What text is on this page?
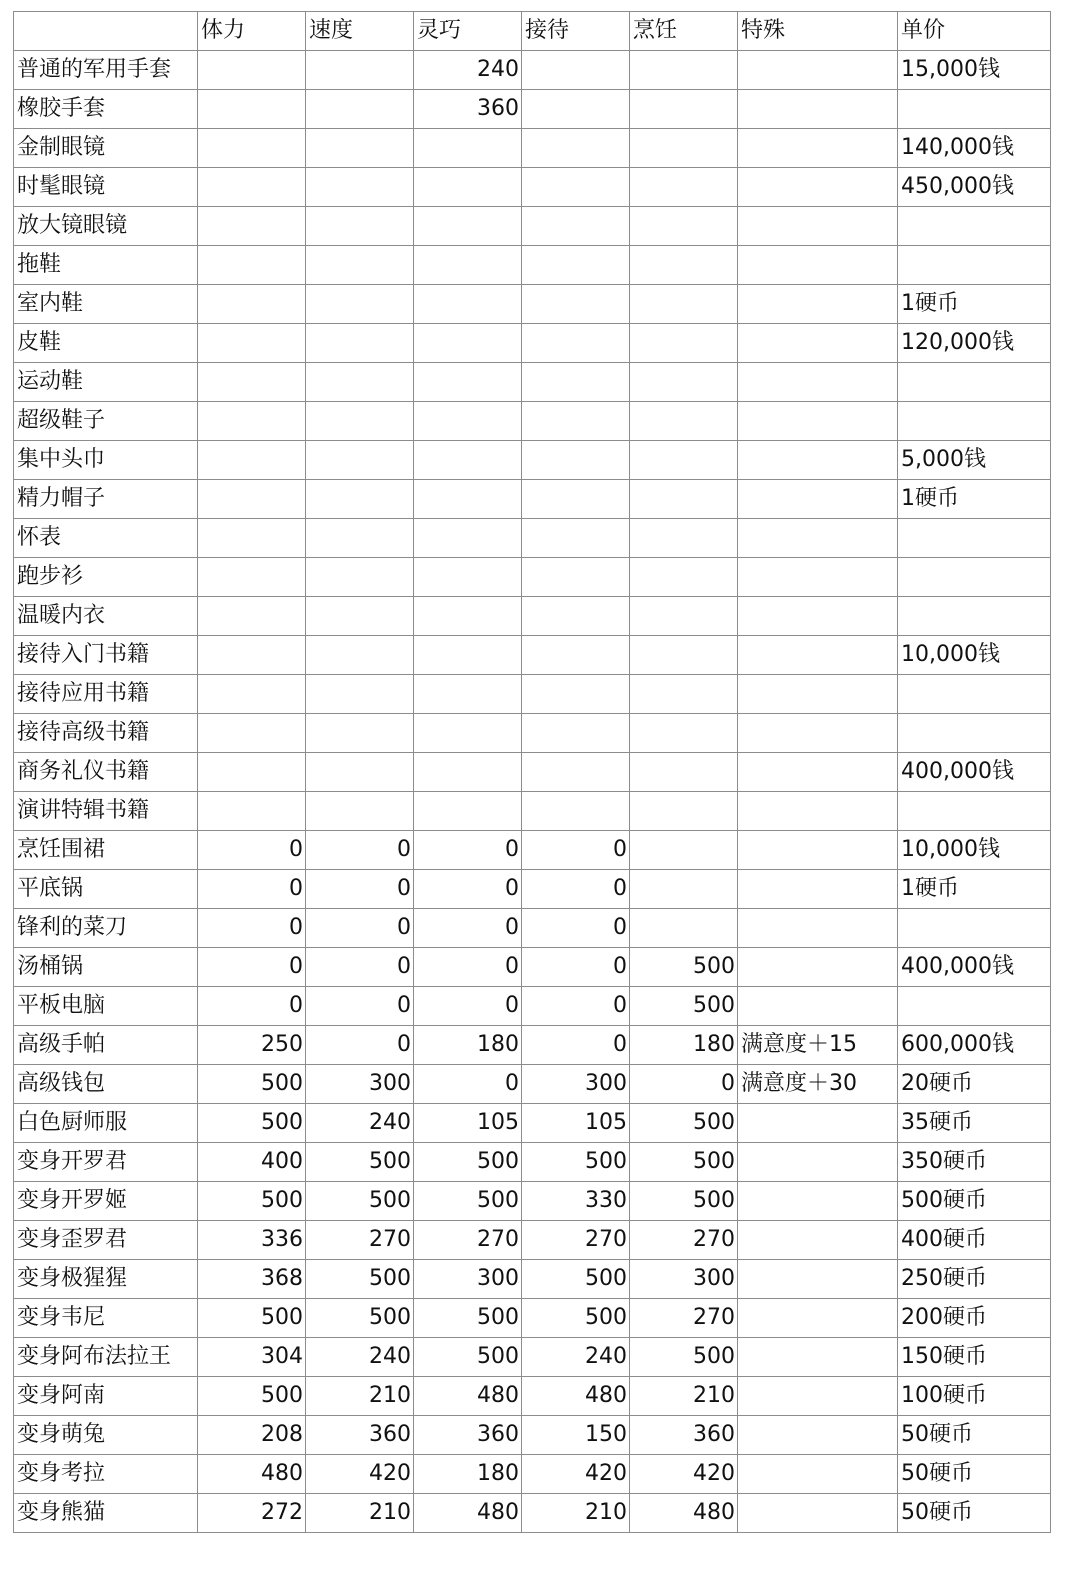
	体力	速度	灵巧	接待	烹饪	特殊	单价
普通的军用手套			240				15,000钱
橡胶手套			360				
金制眼镜							140,000钱
时髦眼镜							450,000钱
放大镜眼镜							
拖鞋							
室内鞋							1硬币
皮鞋							120,000钱
运动鞋							
超级鞋子							
集中头巾							5,000钱
精力帽子							1硬币
怀表							
跑步衫							
温暖内衣							
接待入门书籍							10,000钱
接待应用书籍							
接待高级书籍							
商务礼仪书籍							400,000钱
演讲特辑书籍							
烹饪围裙	0	0	0	0			10,000钱
平底锅	0	0	0	0			1硬币
锋利的菜刀	0	0	0	0			
汤桶锅	0	0	0	0	500		400,000钱
平板电脑	0	0	0	0	500		
高级手帕	250	0	180	0	180	满意度＋15	600,000钱
高级钱包	500	300	0	300	0	满意度＋30	20硬币
白色厨师服	500	240	105	105	500		35硬币
变身开罗君	400	500	500	500	500		350硬币
变身开罗姬	500	500	500	330	500		500硬币
变身歪罗君	336	270	270	270	270		400硬币
变身极猩猩	368	500	300	500	300		250硬币
变身韦尼	500	500	500	500	270		200硬币
变身阿布法拉王	304	240	500	240	500		150硬币
变身阿南	500	210	480	480	210		100硬币
变身萌兔	208	360	360	150	360		50硬币
变身考拉	480	420	180	420	420		50硬币
变身熊猫	272	210	480	210	480		50硬币
